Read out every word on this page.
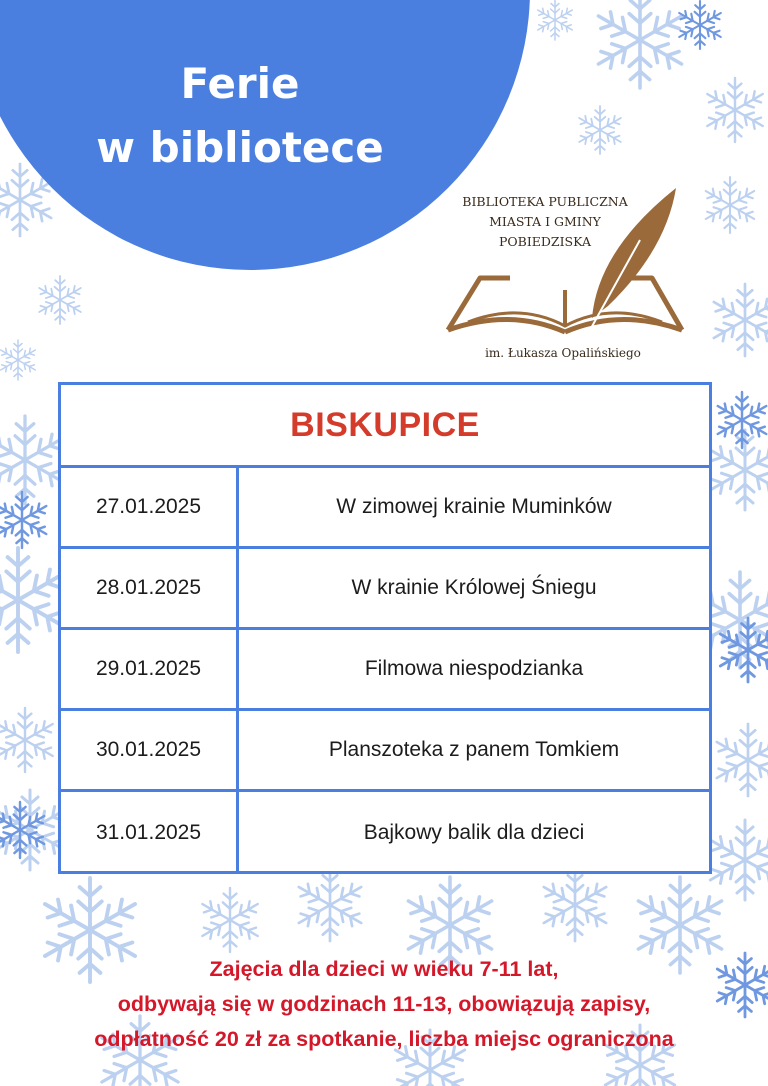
Ferie
w bibliotece
BIBLIOTEKA PUBLICZNA
MIASTA I GMINY
POBIEDZISKA
im. Łukasza Opalińskiego
BISKUPICE
27.01.2025	W zimowej krainie Muminków
28.01.2025	W krainie Królowej Śniegu
29.01.2025	Filmowa niespodzianka
30.01.2025	Planszoteka z panem Tomkiem
31.01.2025	Bajkowy balik dla dzieci
Zajęcia dla dzieci w wieku 7-11 lat,
odbywają się w godzinach 11-13, obowiązują zapisy,
odpłatność 20 zł za spotkanie, liczba miejsc ograniczona
